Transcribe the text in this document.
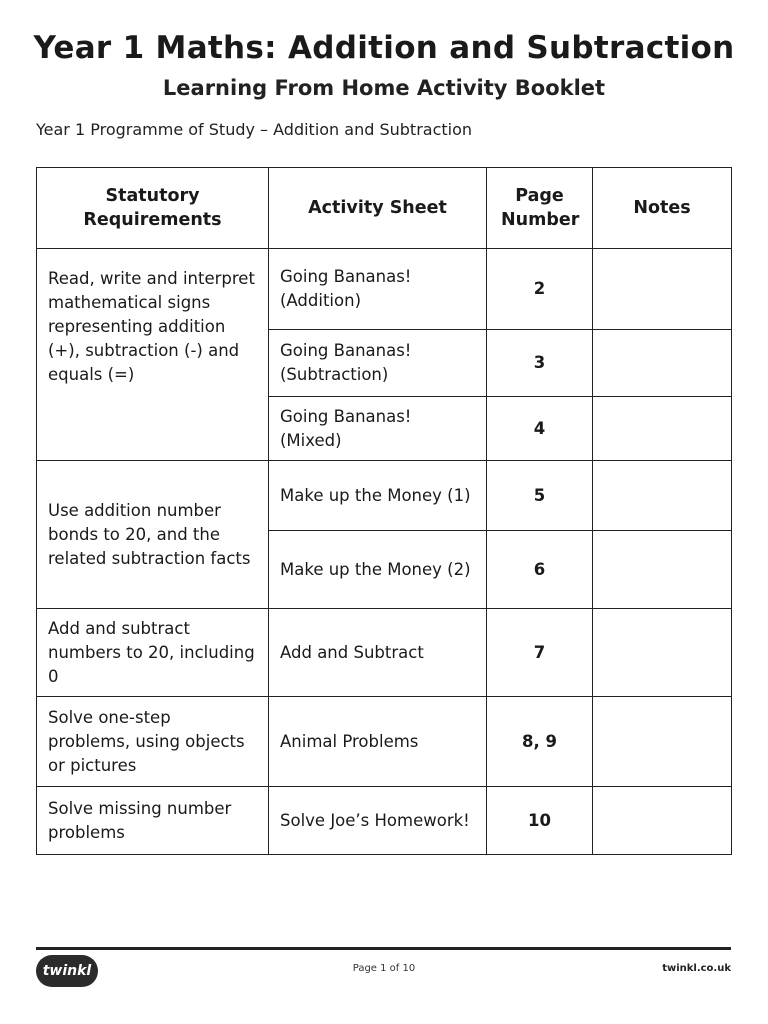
Year 1 Maths: Addition and Subtraction
Learning From Home Activity Booklet

Year 1 Programme of Study – Addition and Subtraction

Statutory Requirements	Activity Sheet	Page Number	Notes
Read, write and interpret mathematical signs representing addition (+), subtraction (-) and equals (=)	Going Bananas! (Addition)	2	
	Going Bananas! (Subtraction)	3	
	Going Bananas! (Mixed)	4	
Use addition number bonds to 20, and the related subtraction facts	Make up the Money (1)	5	
	Make up the Money (2)	6	
Add and subtract numbers to 20, including 0	Add and Subtract	7	
Solve one-step problems, using objects or pictures	Animal Problems	8, 9	
Solve missing number problems	Solve Joe’s Homework!	10	
twinkl	Page 1 of 10	twinkl.co.uk
